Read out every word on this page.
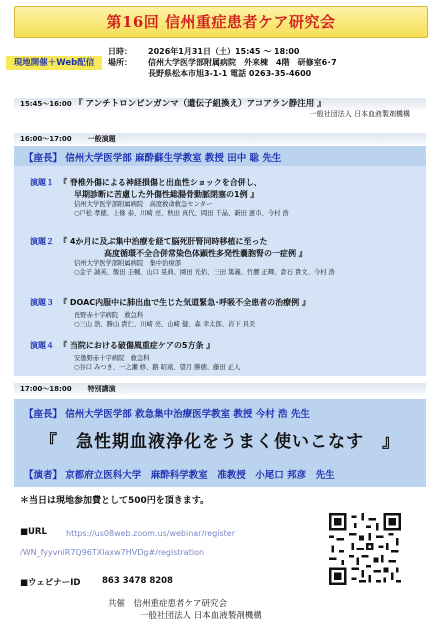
第16回 信州重症患者ケア研究会
現地開催＋Web配信
日時： 2026年1月31日（土）15:45 ～ 18:00
場所： 信州大学医学部附属病院　外来棟　4階　研修室6･7
長野県松本市旭3-1-1 電話 0263-35-4600
15:45～16:00 『 アンチトロンビンガンマ（遺伝子組換え）アコアラン静注用 』
一般社団法人 日本血液製剤機構
16:00～17:00 一般演題
【座長】 信州大学医学部 麻酔蘇生学教室 教授 田中 聡 先生
演題１ 『 脊椎外傷による神経損傷と出血性ショックを合併し、
早期診断に苦慮した外傷性総腸骨動脈閉塞の1例 』
信州大学医学部附属病院　高度救命救急センター
○戸松 孝徳、上條 泰、川崎 亮、秋田 真代、岡田 千晶、新田 憲市、今村 浩
演題２ 『 4か月に及ぶ集中治療を経て脳死肝腎同時移植に至った
高度循環不全合併常染色体顕性多発性嚢胞腎の一症例 』
信州大学医学部附属病院　集中治療部
○金子 誠英、飯田 圭輔、山口 晃典、園田 光佑、三田 篤義、竹腰 正輝、倉石 貴文、今村 浩
演題３ 『 DOAC内服中に肺出血で生じた気道緊急･呼吸不全患者の治療例 』
長野赤十字病院　救急科
○三山 浩、勝山 貴仁、川崎 亮、山崎 健、森 幸太郎、岩下 具美
演題４ 『 当院における破傷風重症ケアの5方条 』
安曇野赤十字病院　救急科
○谷口 みつき、一之瀬 修、路 昭遠、望月 勝徳、藤田 正人
17:00～18:00 特別講演
【座長】 信州大学医学部 救急集中治療医学教室 教授 今村 浩 先生
『　急性期血液浄化をうまく使いこなす　』
【演者】 京都府立医科大学　麻酔科学教室　准教授　小尾口 邦彦　先生
＊当日は現地参加費として500円を頂きます。
■URL https://us08web.zoom.us/webinar/register
/WN_fyyvniR7Q96TXlaxw7HVDg#/registration
■ウェビナーID	863 3478 8208
共催　信州重症患者ケア研究会
一般社団法人 日本血液製剤機構
